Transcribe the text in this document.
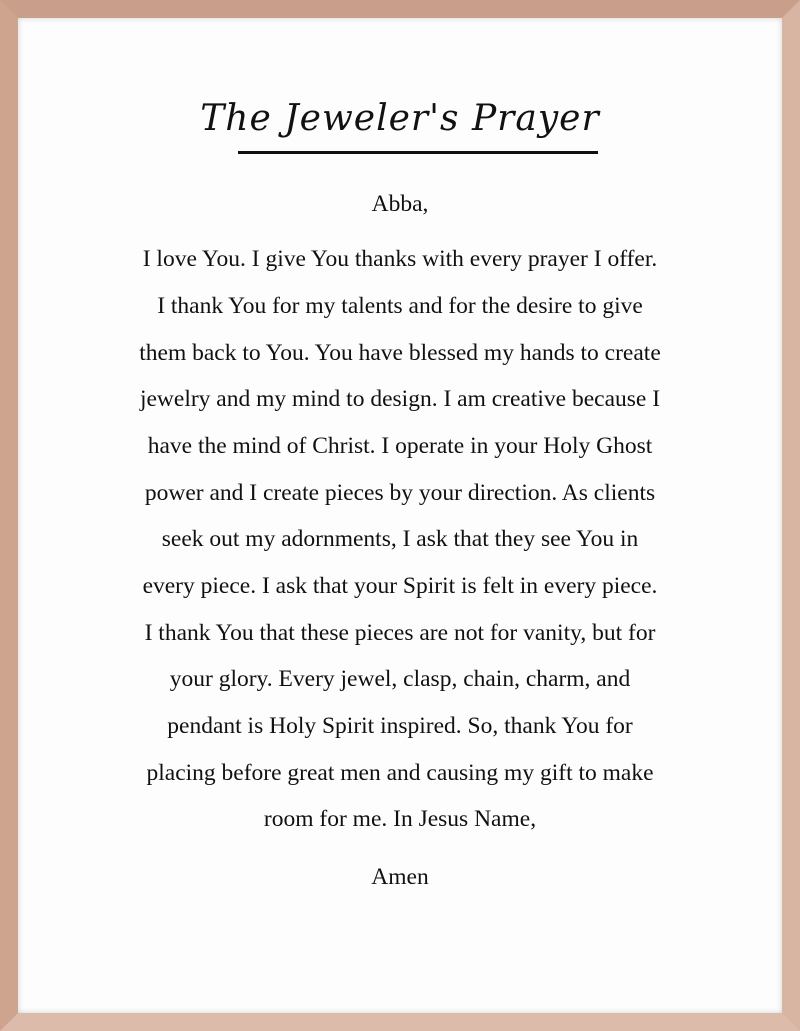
The Jeweler's Prayer
Abba,
I love You. I give You thanks with every prayer I offer.
I thank You for my talents and for the desire to give
them back to You. You have blessed my hands to create
jewelry and my mind to design. I am creative because I
have the mind of Christ. I operate in your Holy Ghost
power and I create pieces by your direction. As clients
seek out my adornments, I ask that they see You in
every piece. I ask that your Spirit is felt in every piece.
I thank You that these pieces are not for vanity, but for
your glory. Every jewel, clasp, chain, charm, and
pendant is Holy Spirit inspired. So, thank You for
placing before great men and causing my gift to make
room for me. In Jesus Name,
Amen
